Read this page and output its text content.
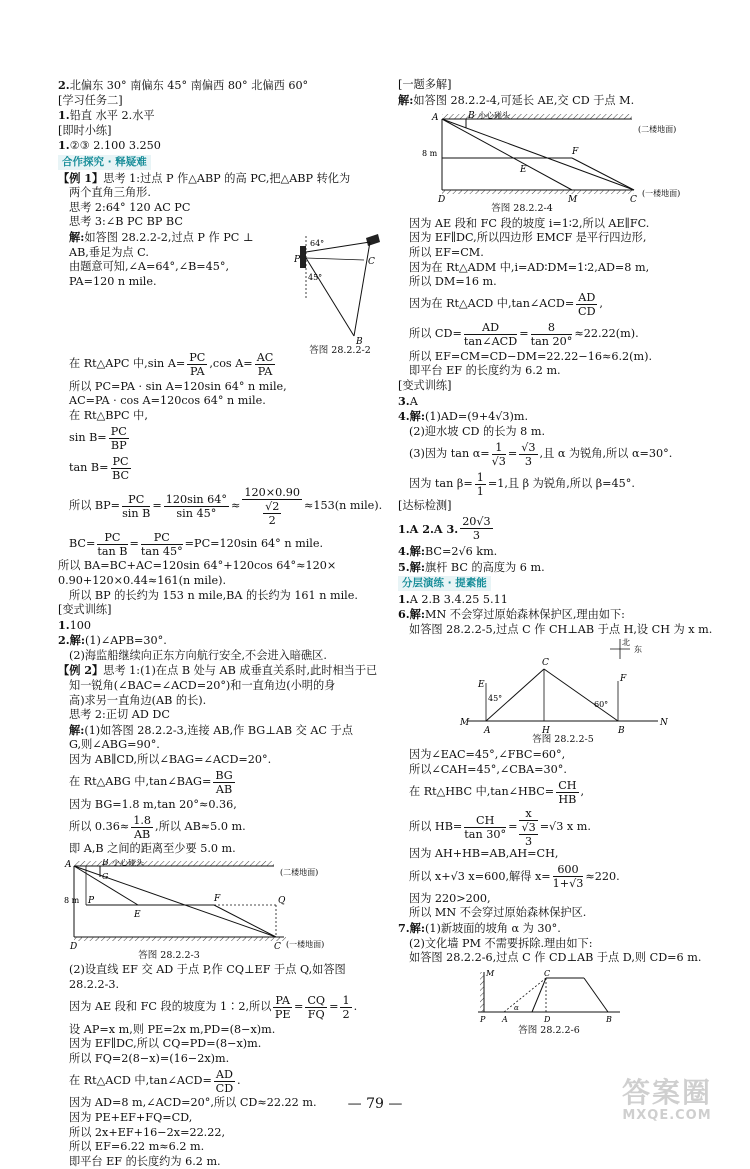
2.北偏东 30° 南偏东 45° 南偏西 80° 北偏西 60°
[学习任务二]
1.铅直 水平 2.水平
[即时小练]
1.②③ 2.100 3.250
合作探究 · 释疑难
【例 1】思考 1:过点 P 作△ABP 的高 PC,把△ABP 转化为
两个直角三角形.
思考 2:64° 120 AC PC
思考 3:∠B PC BP BC
解:如答图 28.2.2-2,过点 P 作 PC ⊥
AB,垂足为点 C.
由题意可知,∠A=64°,∠B=45°,
PA=120 n mile.
P	C
B
64°
45°
答图 28.2.2-2
在 Rt△APC 中, $\sin A= \frac{PC}{PA} ,\cos$ $A= \frac{AC}{PA}$
所以 PC=PA · sin A=120sin 64° n mile,
AC=PA · cos A=120cos 64° n mile.
在 Rt△BPC 中,
$\sin B= \frac{PC}{BP}$
$\tan B= \frac{PC}{BC}$
所以 $BP= \frac{PC}{\text{sin B}} = \frac{120\sin 64^\circ}{\sin 45^\circ} \approx \frac{120\times 0.90}{\frac{√2}{2}} \approx 153(n$ mile).
$BC= \frac{PC}{\text{tan B}} = \frac{PC}{\tan 45^\circ} =PC=120\sin$ 64° n mile.
所以 BA=BC+AC=120sin 64°+120cos 64°≈120×
0.90+120×0.44≈161(n mile).
所以 BP 的长约为 153 n mile,BA 的长约为 161 n mile.
[变式训练]
1.100
2.解:(1)∠APB=30°.
(2)海监船继续向正东方向航行安全,不会进入暗礁区.
【例 2】思考 1:(1)在点 B 处与 AB 成垂直关系时,此时相当于已
知一锐角(∠BAC=∠ACD=20°)和一直角边(小明的身
高)求另一直角边(AB 的长).
思考 2:正切 AD DC
解:(1)如答图 28.2.2-3,连接 AB,作 BG⊥AB 交 AC 于点
G,则∠ABG=90°.
因为 AB∥CD,所以∠BAG=∠ACD=20°.
在 Rt△ABG 中,tan∠BAG= $\frac{BG}{AB}$
因为 BG=1.8 m,tan 20°≈0.36,
所以 $0.36\approx \frac{1.8}{AB}$ ,所以 AB≈5.0 m.
即 A,B 之间的距离至少要 5.0 m.
A	B
G
小心碰头
P
E
F	Q
8 m
D	C
(二楼地面)
(一楼地面)
答图 28.2.2-3
(2)设直线 EF 交 AD 于点 P,作 CQ⊥EF 于点 Q,如答图
28.2.2-3.
因为 AE 段和 FC 段的坡度为 1∶2,所以 $\frac{PA}{PE} = \frac{CQ}{FQ} = \frac{1}{2}$ .
设 AP=x m,则 PE=2x m,PD=(8−x)m.
因为 EF∥DC,所以 CQ=PD=(8−x)m.
所以 FQ=2(8−x)=(16−2x)m.
在 Rt△ACD 中,tan∠ACD= $\frac{AD}{CD}$ .
因为 AD=8 m,∠ACD=20°,所以 CD≈22.22 m.
因为 PE+EF+FQ=CD,
所以 2x+EF+16−2x=22.22,
所以 EF=6.22 m≈6.2 m.
即平台 EF 的长度约为 6.2 m.
[一题多解]
解:如答图 28.2.2-4,可延长 AE,交 CD 于点 M.
A	B 小心碰头
F
E
8 m
D	M	C
(二楼地面)
(一楼地面)
答图 28.2.2-4
因为 AE 段和 FC 段的坡度 i=1∶2,所以 AE∥FC.
因为 EF∥DC,所以四边形 EMCF 是平行四边形,
所以 EF=CM.
因为在 Rt△ADM 中,i=AD∶DM=1∶2,AD=8 m,
所以 DM=16 m.
因为在 Rt△ACD 中,tan∠ACD= $\frac{AD}{CD}$ ,
所以 $CD= \frac{AD}{\text{tan∠ACD}} = \frac{8}{\tan 20^\circ} \approx 22.22(m)$.
所以 EF=CM=CD−DM=22.22−16≈6.2(m).
即平台 EF 的长度约为 6.2 m.
[变式训练]
3.A
4.解:(1)AD=(9+4√3)m.
(2)迎水坡 CD 的长为 8 m.
(3)因为 $\tan \alpha= \frac{1}{√3} = \frac{√3}{3}$ ,且 α 为锐角,所以 α=30°.
因为 $\tan \beta= \frac{1}{1} =1$,且 β 为锐角,所以 β=45°.
[达标检测]
1.A 2.A 3. $\frac{20√3}{3}$
4.解:BC=2√6 km.
5.解:旗杆 BC 的高度为 6 m.
分层演练 · 提素能
1.A 2.B 3.4.25 5.11
6.解:MN 不会穿过原始森林保护区,理由如下:
如答图 28.2.2-5,过点 C 作 CH⊥AB 于点 H,设 CH 为 x m.
北
东
C
E
F
45°
60°
M
A	H	B
N
答图 28.2.2-5
因为∠EAC=45°,∠FBC=60°,
所以∠CAH=45°,∠CBA=30°.
在 Rt△HBC 中,tan∠HBC= $\frac{CH}{HB}$ ,
所以 $HB= \frac{CH}{\tan 30^\circ} = \frac{x}{\frac{√3}{3}} =√3$ x m.
因为 AH+HB=AB,AH=CH,
所以 x+√3 x=600,解得 $x= \frac{600}{1+√3} \approx 220$.
因为 220>200,
所以 MN 不会穿过原始森林保护区.
7.解:(1)新坡面的坡角 α 为 30°.
(2)文化墙 PM 不需要拆除.理由如下:
如答图 28.2.2-6,过点 C 作 CD⊥AB 于点 D,则 CD=6 m.
M	C
α
P A	D	B
答图 28.2.2-6
— 79 —	答案圈
MXQE.COM
